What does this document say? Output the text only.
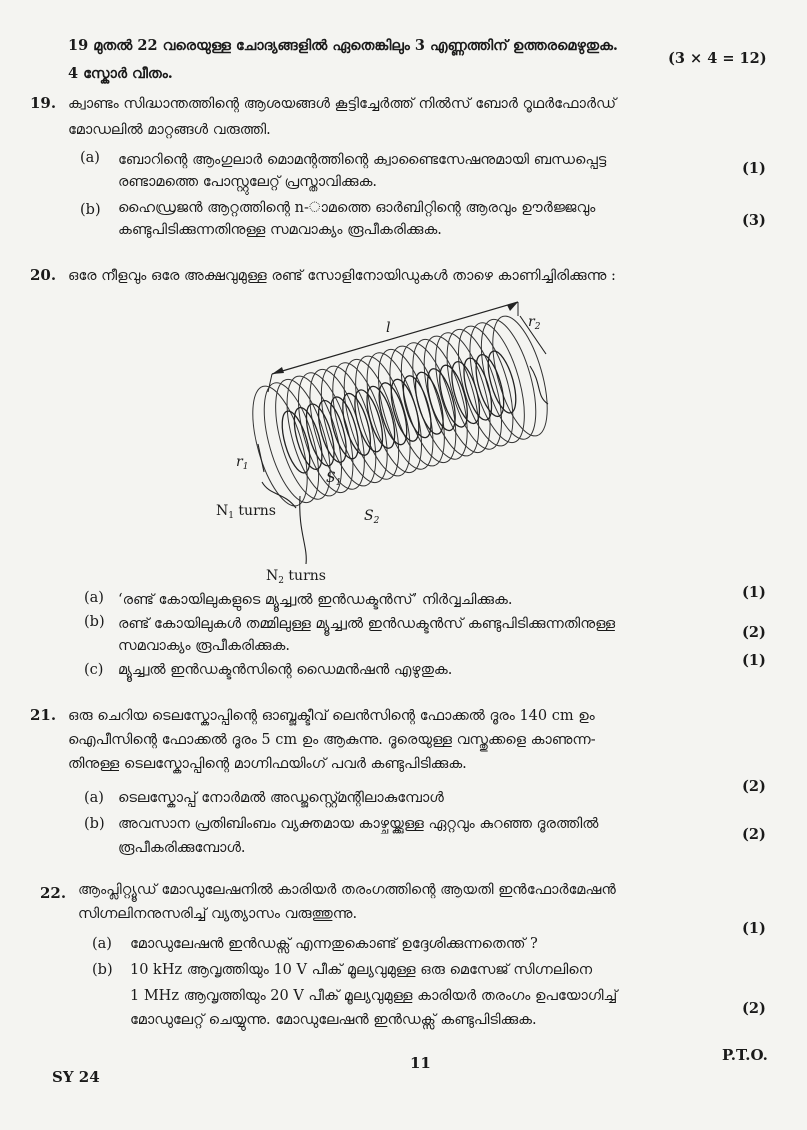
19 മുതൽ 22 വരെയുള്ള ചോദ്യങ്ങളിൽ ഏതെങ്കിലും 3 എണ്ണത്തിന് ഉത്തരമെഴുതുക.
4 സ്കോർ വീതം.
(3 × 4 = 12)
19. ക്വാണ്ടം സിദ്ധാന്തത്തിന്റെ ആശയങ്ങൾ കൂട്ടിച്ചേർത്ത് നിൽസ് ബോർ റൂഥർഫോർഡ്
മോഡലിൽ മാറ്റങ്ങൾ വരുത്തി.
(a) ബോറിന്റെ ആംഗുലാർ മൊമന്റത്തിന്റെ ക്വാണ്ടൈസേഷനുമായി ബന്ധപ്പെട്ട
രണ്ടാമത്തെ പോസ്റ്റുലേറ്റ് പ്രസ്താവിക്കുക.
(1)
(b) ഹൈഡ്രജൻ ആറ്റത്തിന്റെ n-ാമത്തെ ഓർബിറ്റിന്റെ ആരവും ഊർജ്ജവും
കണ്ടുപിടിക്കുന്നതിനുള്ള സമവാക്യം രൂപീകരിക്കുക.
(3)
20. ഒരേ നീളവും ഒരേ അക്ഷവുമുള്ള രണ്ട് സോളിനോയിഡുകൾ താഴെ കാണിച്ചിരിക്കുന്നു :
l	$r_2$
$r_1$
$S_1$
$S_2$
$N_1$ turns
$N_2$ turns
(a) ‘രണ്ട് കോയിലുകളുടെ മ്യൂച്ച്വൽ ഇൻഡക്ടൻസ്’ നിർവ്വചിക്കുക.	(1)
(b) രണ്ട് കോയിലുകൾ തമ്മിലുള്ള മ്യൂച്ച്വൽ ഇൻഡക്ടൻസ് കണ്ടുപിടിക്കുന്നതിനുള്ള
സമവാക്യം രൂപീകരിക്കുക.
(2)
(c) മ്യൂച്ച്വൽ ഇൻഡക്ടൻസിന്റെ ഡൈമൻഷൻ എഴുതുക.
(1)
21. ഒരു ചെറിയ ടെലസ്കോപ്പിന്റെ ഓബ്ജക്ടീവ് ലെൻസിന്റെ ഫോക്കൽ ദൂരം 140 cm ഉം
ഐപീസിന്റെ ഫോക്കൽ ദൂരം 5 cm ഉം ആകുന്നു. ദൂരെയുള്ള വസ്തുക്കളെ കാണുന്ന-
തിനുള്ള ടെലസ്കോപ്പിന്റെ മാഗ്നിഫയിംഗ് പവർ കണ്ടുപിടിക്കുക.
(a) ടെലസ്കോപ്പ് നോർമൽ അഡ്ജസ്റ്റ്മെന്റിലാകുമ്പോൾ
(2)
(b) അവസാന പ്രതിബിംബം വ്യക്തമായ കാഴ്ചയ്ക്കുള്ള ഏറ്റവും കുറഞ്ഞ ദൂരത്തിൽ
രൂപീകരിക്കുമ്പോൾ.
(2)
22. ആംപ്ലിറ്റ്യൂഡ് മോഡുലേഷനിൽ കാരിയർ തരംഗത്തിന്റെ ആയതി ഇൻഫോർമേഷൻ
സിഗ്നലിനനുസരിച്ച് വ്യത്യാസം വരുത്തുന്നു.
(a) മോഡുലേഷൻ ഇൻഡക്സ് എന്നതുകൊണ്ട് ഉദ്ദേശിക്കുന്നതെന്ത് ?
(1)
(b) 10 kHz ആവൃത്തിയും 10 V പീക് മൂല്യവുമുള്ള ഒരു മെസേജ് സിഗ്നലിനെ
1 MHz ആവൃത്തിയും 20 V പീക് മൂല്യവുമുള്ള കാരിയർ തരംഗം ഉപയോഗിച്ച്
മോഡുലേറ്റ് ചെയ്യുന്നു. മോഡുലേഷൻ ഇൻഡക്സ് കണ്ടുപിടിക്കുക.
(2)
SY 24
11	P.T.O.
